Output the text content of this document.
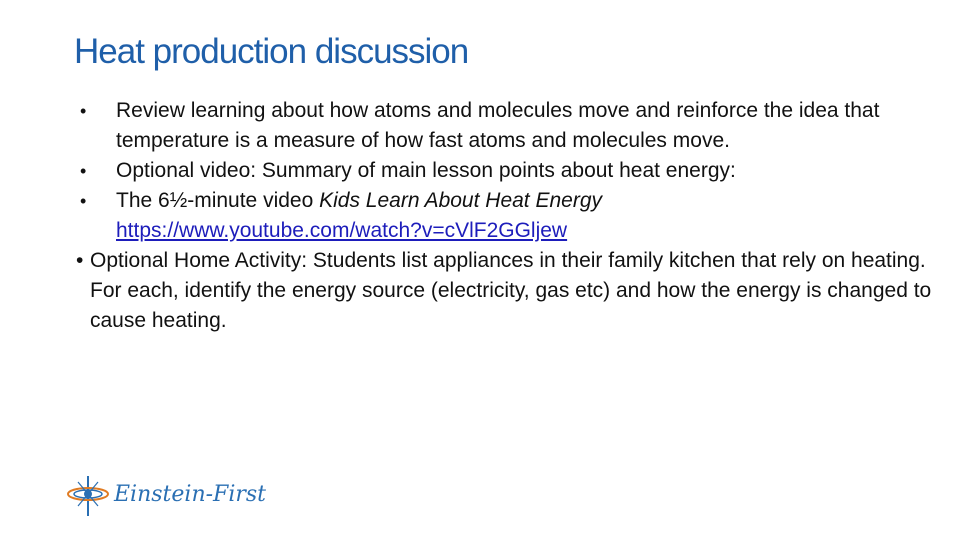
Heat production discussion
• Review learning about how atoms and molecules move and reinforce the idea that temperature is a measure of how fast atoms and molecules move.
• Optional video: Summary of main lesson points about heat energy:
• The 6½-minute video Kids Learn About Heat Energy
https://www.youtube.com/watch?v=cVlF2GGljew
• Optional Home Activity: Students list appliances in their family kitchen that rely on heating. For each, identify the energy source (electricity, gas etc) and how the energy is changed to cause heating.
Einstein-First
